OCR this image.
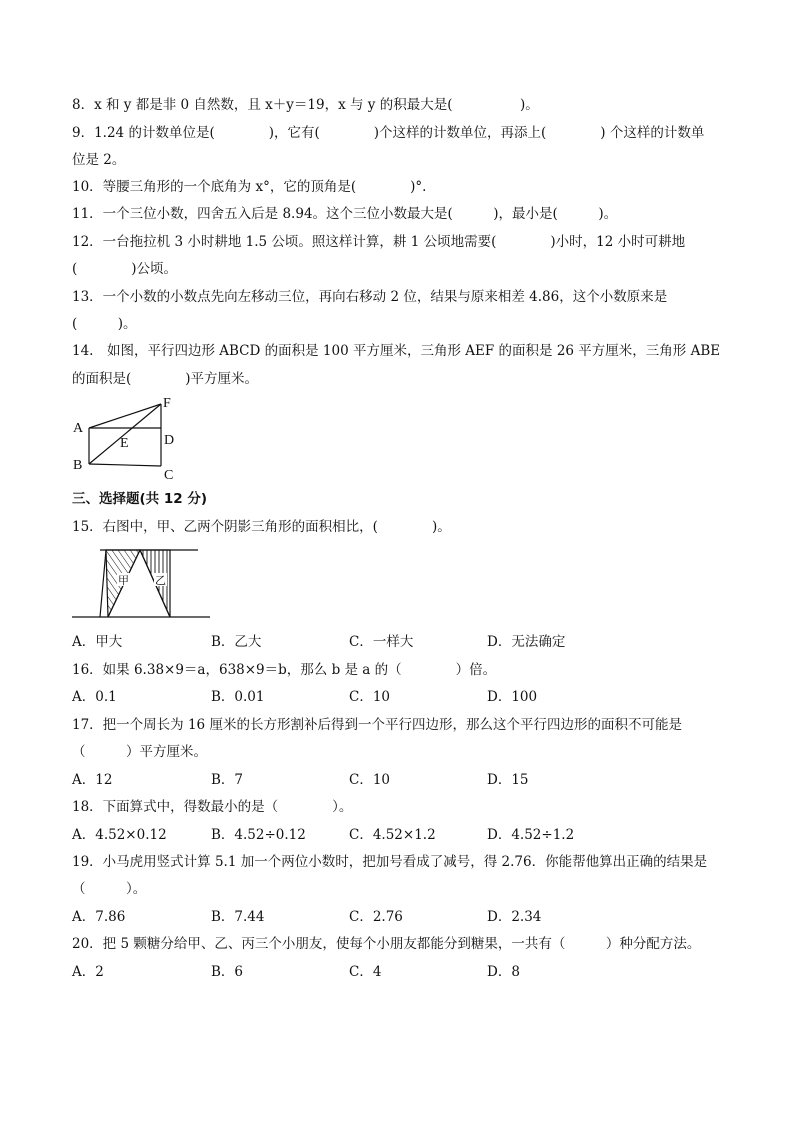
8．x 和 y 都是非 0 自然数，且 x＋y＝19，x 与 y 的积最大是(　　　　　)。
9．1.24 的计数单位是(　　　　)，它有(　　　　)个这样的计数单位，再添上(　　　　) 个这样的计数单
位是 2。
10．等腰三角形的一个底角为 x°，它的顶角是(　　　　)°.
11．一个三位小数，四舍五入后是 8.94。这个三位小数最大是(　　　)，最小是(　　　)。
12．一台拖拉机 3 小时耕地 1.5 公顷。照这样计算，耕 1 公顷地需要(　　　　)小时，12 小时可耕地
(　　　　)公顷。
13．一个小数的小数点先向左移动三位，再向右移动 2 位，结果与原来相差 4.86，这个小数原来是
(　　　)。
14.　如图，平行四边形 ABCD 的面积是 100 平方厘米，三角形 AEF 的面积是 26 平方厘米，三角形 ABE
的面积是(　　　　)平方厘米。
A
B
E
F
D
C
三、选择题(共 12 分)
15．右图中，甲、乙两个阴影三角形的面积相比，(　　　　)。
甲 乙
A．甲大	B．乙大	C．一样大	D．无法确定
16．如果 6.38×9＝a，638×9＝b，那么 b 是 a 的（　　　　）倍。
A．0.1	B．0.01	C．10	D．100
17．把一个周长为 16 厘米的长方形割补后得到一个平行四边形，那么这个平行四边形的面积不可能是
（　　　）平方厘米。
A．12	B．7	C．10	D．15
18．下面算式中，得数最小的是（　　　　）。
A．4.52×0.12	B．4.52÷0.12	C．4.52×1.2	D．4.52÷1.2
19．小马虎用竖式计算 5.1 加一个两位小数时，把加号看成了减号，得 2.76．你能帮他算出正确的结果是
（　　　）。
A．7.86	B．7.44	C．2.76	D．2.34
20．把 5 颗糖分给甲、乙、丙三个小朋友，使每个小朋友都能分到糖果，一共有（　　　）种分配方法。
A．2	B．6	C．4	D．8
